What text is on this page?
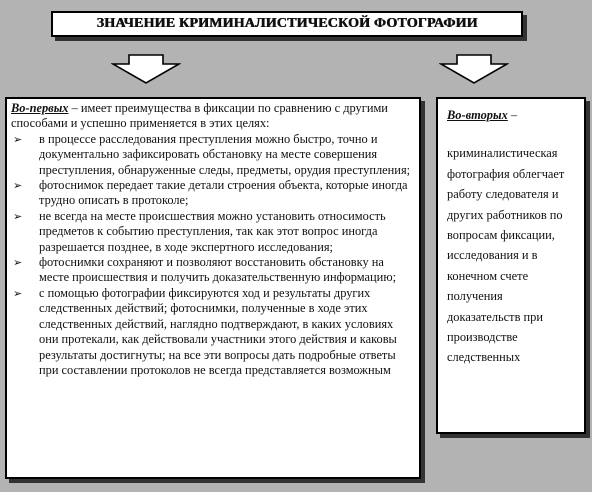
ЗНАЧЕНИЕ КРИМИНАЛИСТИЧЕСКОЙ ФОТОГРАФИИ

Во-первых – имеет преимущества в фиксации по сравнению с другими способами и успешно применяется в этих целях:

➢ в процессе расследования преступления можно быстро, точно и документально зафиксировать обстановку на месте совершения преступления, обнаруженные следы, предметы, орудия преступления;
➢ фотоснимок передает такие детали строения объекта, которые иногда трудно описать в протоколе;
➢ не всегда на месте происшествия можно установить относимость предметов к событию преступления, так как этот вопрос иногда разрешается позднее, в ходе экспертного исследования;
➢ фотоснимки сохраняют и позволяют восстановить обстановку на месте происшествия и получить доказательственную информацию;
➢ с помощью фотографии фиксируются ход и результаты других следственных действий; фотоснимки, полученные в ходе этих следственных действий, наглядно подтверждают, в каких условиях они протекали, как действовали участники этого действия и каковы результаты достигнуты; на все эти вопросы дать подробные ответы при составлении протоколов не всегда представляется возможным

Во-вторых –

криминалистическая фотография облегчает работу следователя и других работников по вопросам фиксации, исследования и в конечном счете получения доказательств при производстве следственных
